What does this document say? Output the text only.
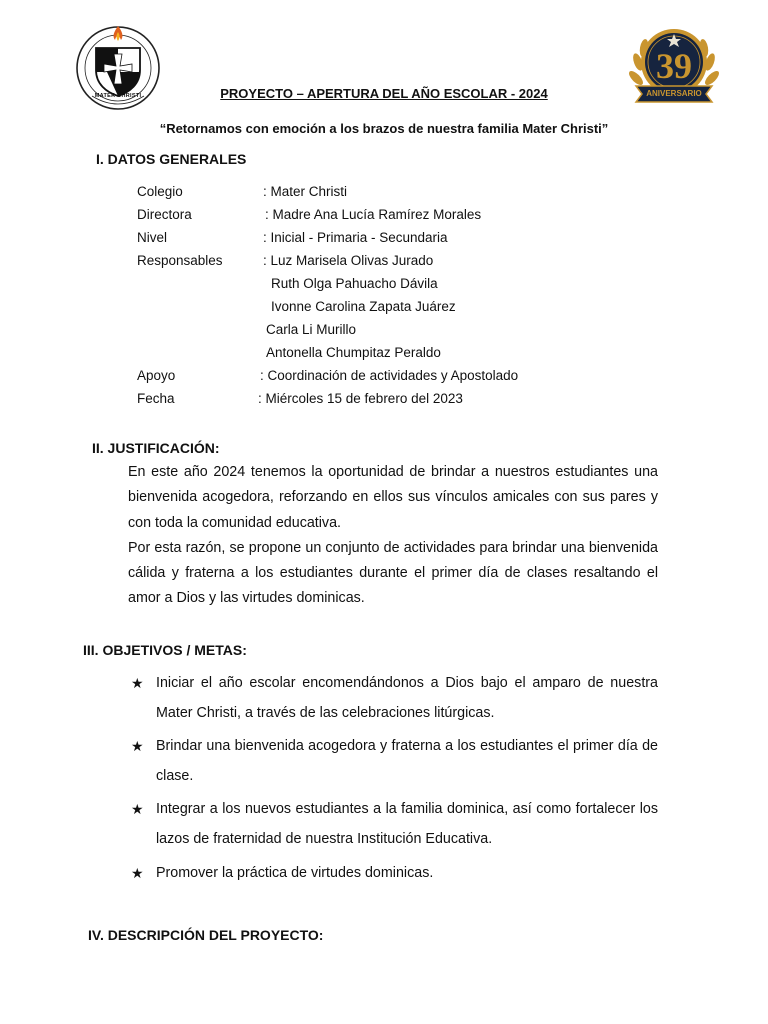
MATER CHRISTI
39
ANIVERSARIO
PROYECTO – APERTURA DEL AÑO ESCOLAR - 2024
“Retornamos con emoción a los brazos de nuestra familia Mater Christi”
I. DATOS GENERALES
Colegio	: Mater Christi
Directora	: Madre Ana Lucía Ramírez Morales
Nivel	: Inicial - Primaria - Secundaria
Responsables	: Luz Marisela Olivas Jurado
Ruth Olga Pahuacho Dávila
Ivonne Carolina Zapata Juárez
Carla Li Murillo
Antonella Chumpitaz Peraldo
Apoyo	: Coordinación de actividades y Apostolado
Fecha	: Miércoles 15 de febrero del 2023
II. JUSTIFICACIÓN:
En este año 2024 tenemos la oportunidad de brindar a nuestros estudiantes una bienvenida acogedora, reforzando en ellos sus vínculos amicales con sus pares y con toda la comunidad educativa.
Por esta razón, se propone un conjunto de actividades para brindar una bienvenida cálida y fraterna a los estudiantes durante el primer día de clases resaltando el amor a Dios y las virtudes dominicas.
III. OBJETIVOS / METAS:
★ Iniciar el año escolar encomendándonos a Dios bajo el amparo de nuestra Mater Christi, a través de las celebraciones litúrgicas.
★ Brindar una bienvenida acogedora y fraterna a los estudiantes el primer día de clase.
★ Integrar a los nuevos estudiantes a la familia dominica, así como fortalecer los lazos de fraternidad de nuestra Institución Educativa.
★ Promover la práctica de virtudes dominicas.
IV. DESCRIPCIÓN DEL PROYECTO:
